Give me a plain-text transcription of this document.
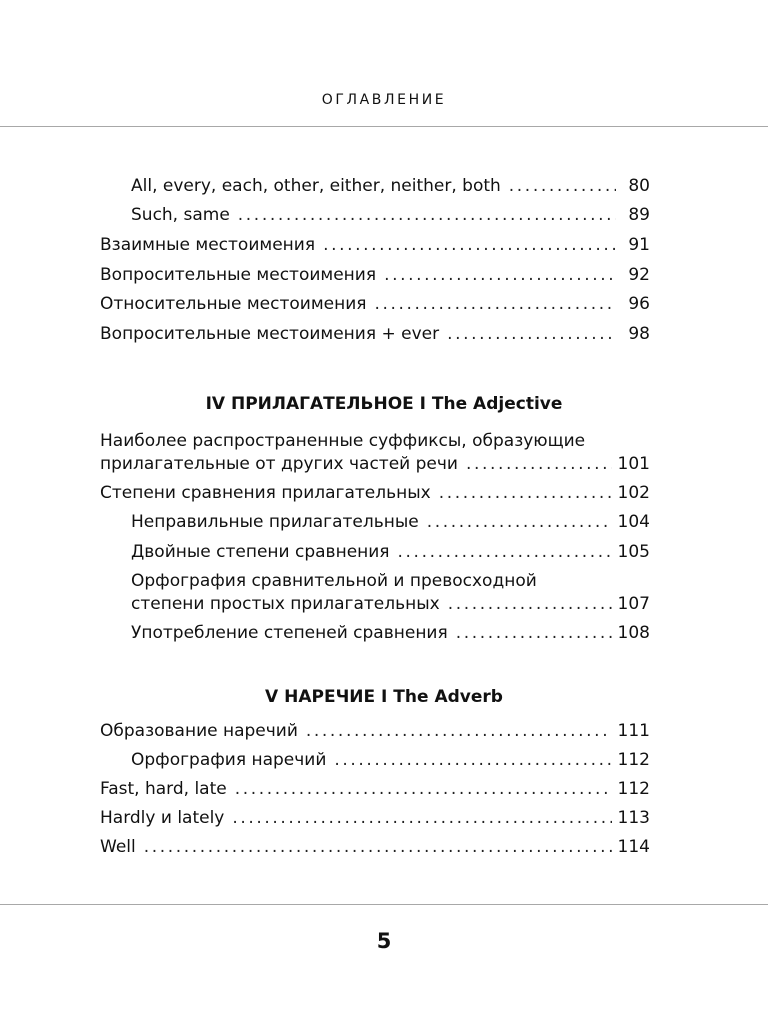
ОГЛАВЛЕНИЕ
All, every, each, other, either, neither, both . . .	80
Such, same . . .	89
Взаимные местоимения . . .	91
Вопросительные местоимения . . .	92
Относительные местоимения . . .	96
Вопросительные местоимения + ever . . .	98
IV ПРИЛАГАТЕЛЬНОЕ I The Adjective
Наиболее распространенные суффиксы, образующие
прилагательные от других частей речи . . .	101
Степени сравнения прилагательных . . .	102
Неправильные прилагательные . . .	104
Двойные степени сравнения . . .	105
Орфография сравнительной и превосходной
степени простых прилагательных . . .	107
Употребление степеней сравнения . . .	108
V НАРЕЧИЕ I The Adverb
Образование наречий . . .	111
Орфография наречий . . .	112
Fast, hard, late . . .	112
Hardly и lately . . .	113
Well . . .	114
5
